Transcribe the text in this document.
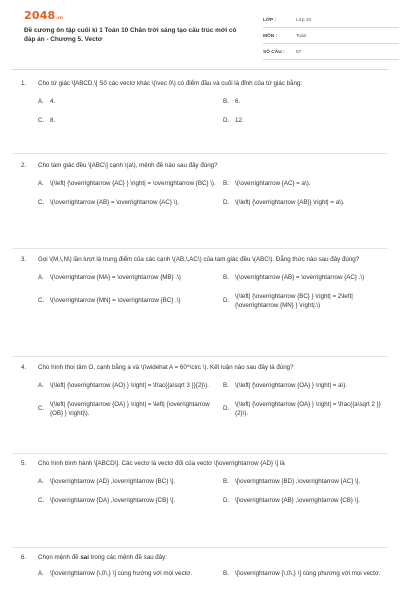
2048.vn
Đề cương ôn tập cuối kì 1 Toán 10 Chân trời sáng tạo cấu trúc mới có đáp án - Chương 5. Vectơ
LỚP :	Lớp 10
MÔN :	Toán
SỐ CÂU :	57
1.	Cho tứ giác \[ABCD.\] Số các vectơ khác \(\vec 0\) có điểm đầu và cuối là đỉnh của tứ giác bằng:
A. 4.	B. 6.
C. 8.	D. 12.
2.	Cho tam giác đều \[ABC\] cạnh \(a\), mệnh đề nào sau đây đúng?
A. \(\left| {\overrightarrow {AC} } \right| = \overrightarrow {BC} \).	B. \(\overrightarrow {AC} = a\).
C. \(\overrightarrow {AB} = \overrightarrow {AC} \).	D. \(\left| {\overrightarrow {AB}} \right| = a\).
3.	Gọi \(M,\,N\) lần lượt là trung điểm của các cạnh \(AB,\,AC\) của tam giác đều \(ABC\). Đẳng thức nào sau đây đúng?
A. \(\overrightarrow {MA} = \overrightarrow {MB} .\)	B. \(\overrightarrow {AB} = \overrightarrow {AC} .\)
C. \(\overrightarrow {MN} = \overrightarrow {BC} .\)	D.
\(\left| {\overrightarrow {BC} } \right| = 2\left| {\overrightarrow {MN} } \right|.\)
4.	Cho hình thoi tâm O, cạnh bằng a và \(\widehat A = 60^\circ \). Kết luận nào sau đây là đúng?
A. \(\left| {\overrightarrow {AO} } \right| = \frac{{a\sqrt 3 }}{2}\).	B. \(\left| {\overrightarrow {OA} } \right| = a\).
C.
\(\left| {\overrightarrow {OA} } \right| = \left| {\overrightarrow {OB} } \right|\).
D.
\(\left| {\overrightarrow {OA} } \right| = \frac{{a\sqrt 2 }}{2}\).
5.	Cho hình bình hành \[ABCD\]. Các vectơ là vectơ đối của vectơ \[\overrightarrow {AD} \] là
A. \[\overrightarrow {AD} ,\overrightarrow {BC} \].	B. \[\overrightarrow {BD} ,\overrightarrow {AC} \].
C. \[\overrightarrow {DA} ,\overrightarrow {CB} \].	D. \[\overrightarrow {AB} ,\overrightarrow {CB} \].
6.	Chọn mệnh đề sai trong các mệnh đề sau đây:
A. \[\overrightarrow {\,0\,} \] cùng hướng với mọi vectơ.	B. \[\overrightarrow {\,0\,} \] cùng phương với mọi vectơ.
